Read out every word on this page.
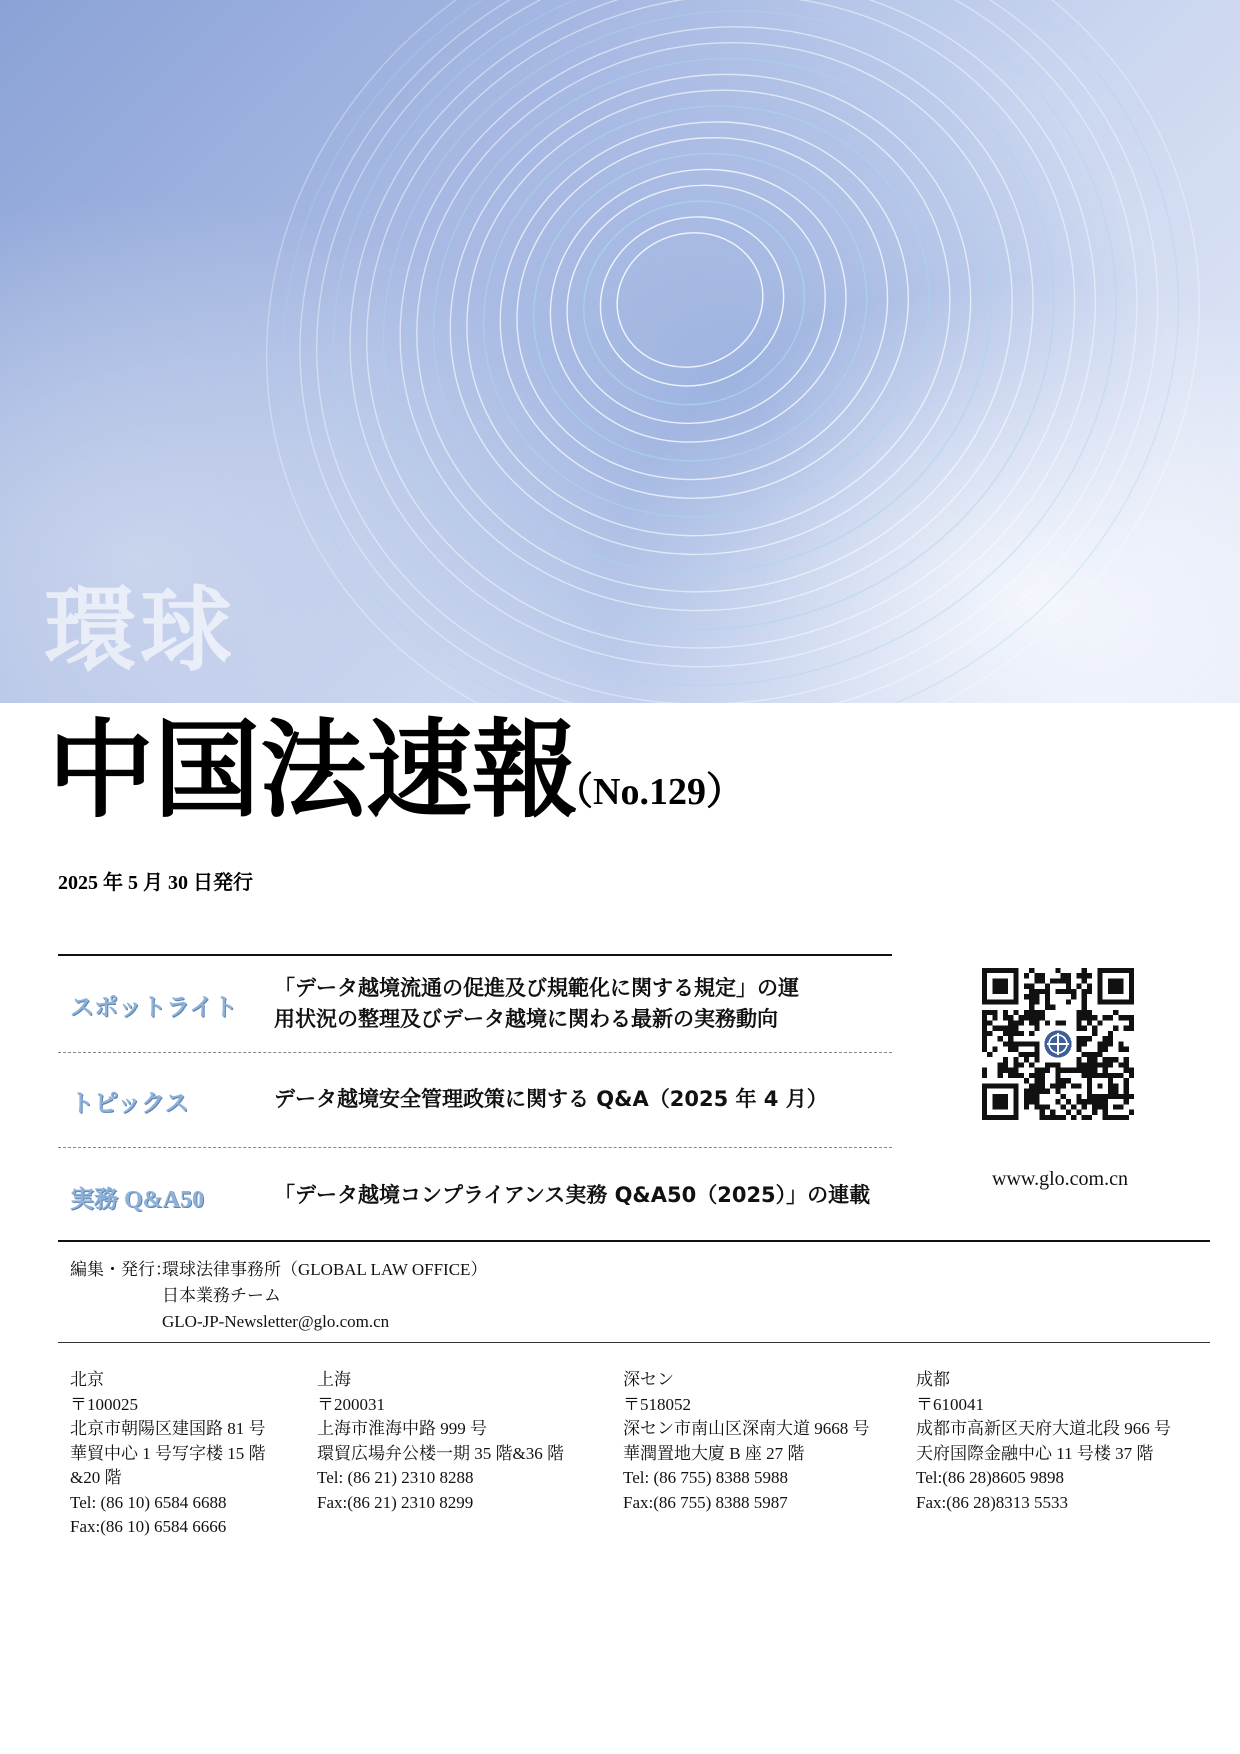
環球
中国法速報
（No.129）
2025 年 5 月 30 日発行
スポットライト
「データ越境流通の促進及び規範化に関する規定」の運
用状況の整理及びデータ越境に関わる最新の実務動向
トピックス	データ越境安全管理政策に関する Q&A（2025 年 4 月）
実務 Q&A50	「データ越境コンプライアンス実務 Q&A50（2025）」の連載
www.glo.com.cn
編集・発行：環球法律事務所（GLOBAL LAW OFFICE）
日本業務チーム
GLO-JP-Newsletter@glo.com.cn
北京
〒100025
北京市朝陽区建国路 81 号
華貿中心 1 号写字楼 15 階
&20 階
Tel: (86 10) 6584 6688
Fax:(86 10) 6584 6666
上海
〒200031
上海市淮海中路 999 号
環貿広場弁公楼一期 35 階&36 階
Tel: (86 21) 2310 8288
Fax:(86 21) 2310 8299
深セン
〒518052
深セン市南山区深南大道 9668 号
華潤置地大廈 B 座 27 階
Tel: (86 755) 8388 5988
Fax:(86 755) 8388 5987
成都
〒610041
成都市高新区天府大道北段 966 号
天府国際金融中心 11 号楼 37 階
Tel:(86 28)8605 9898
Fax:(86 28)8313 5533
